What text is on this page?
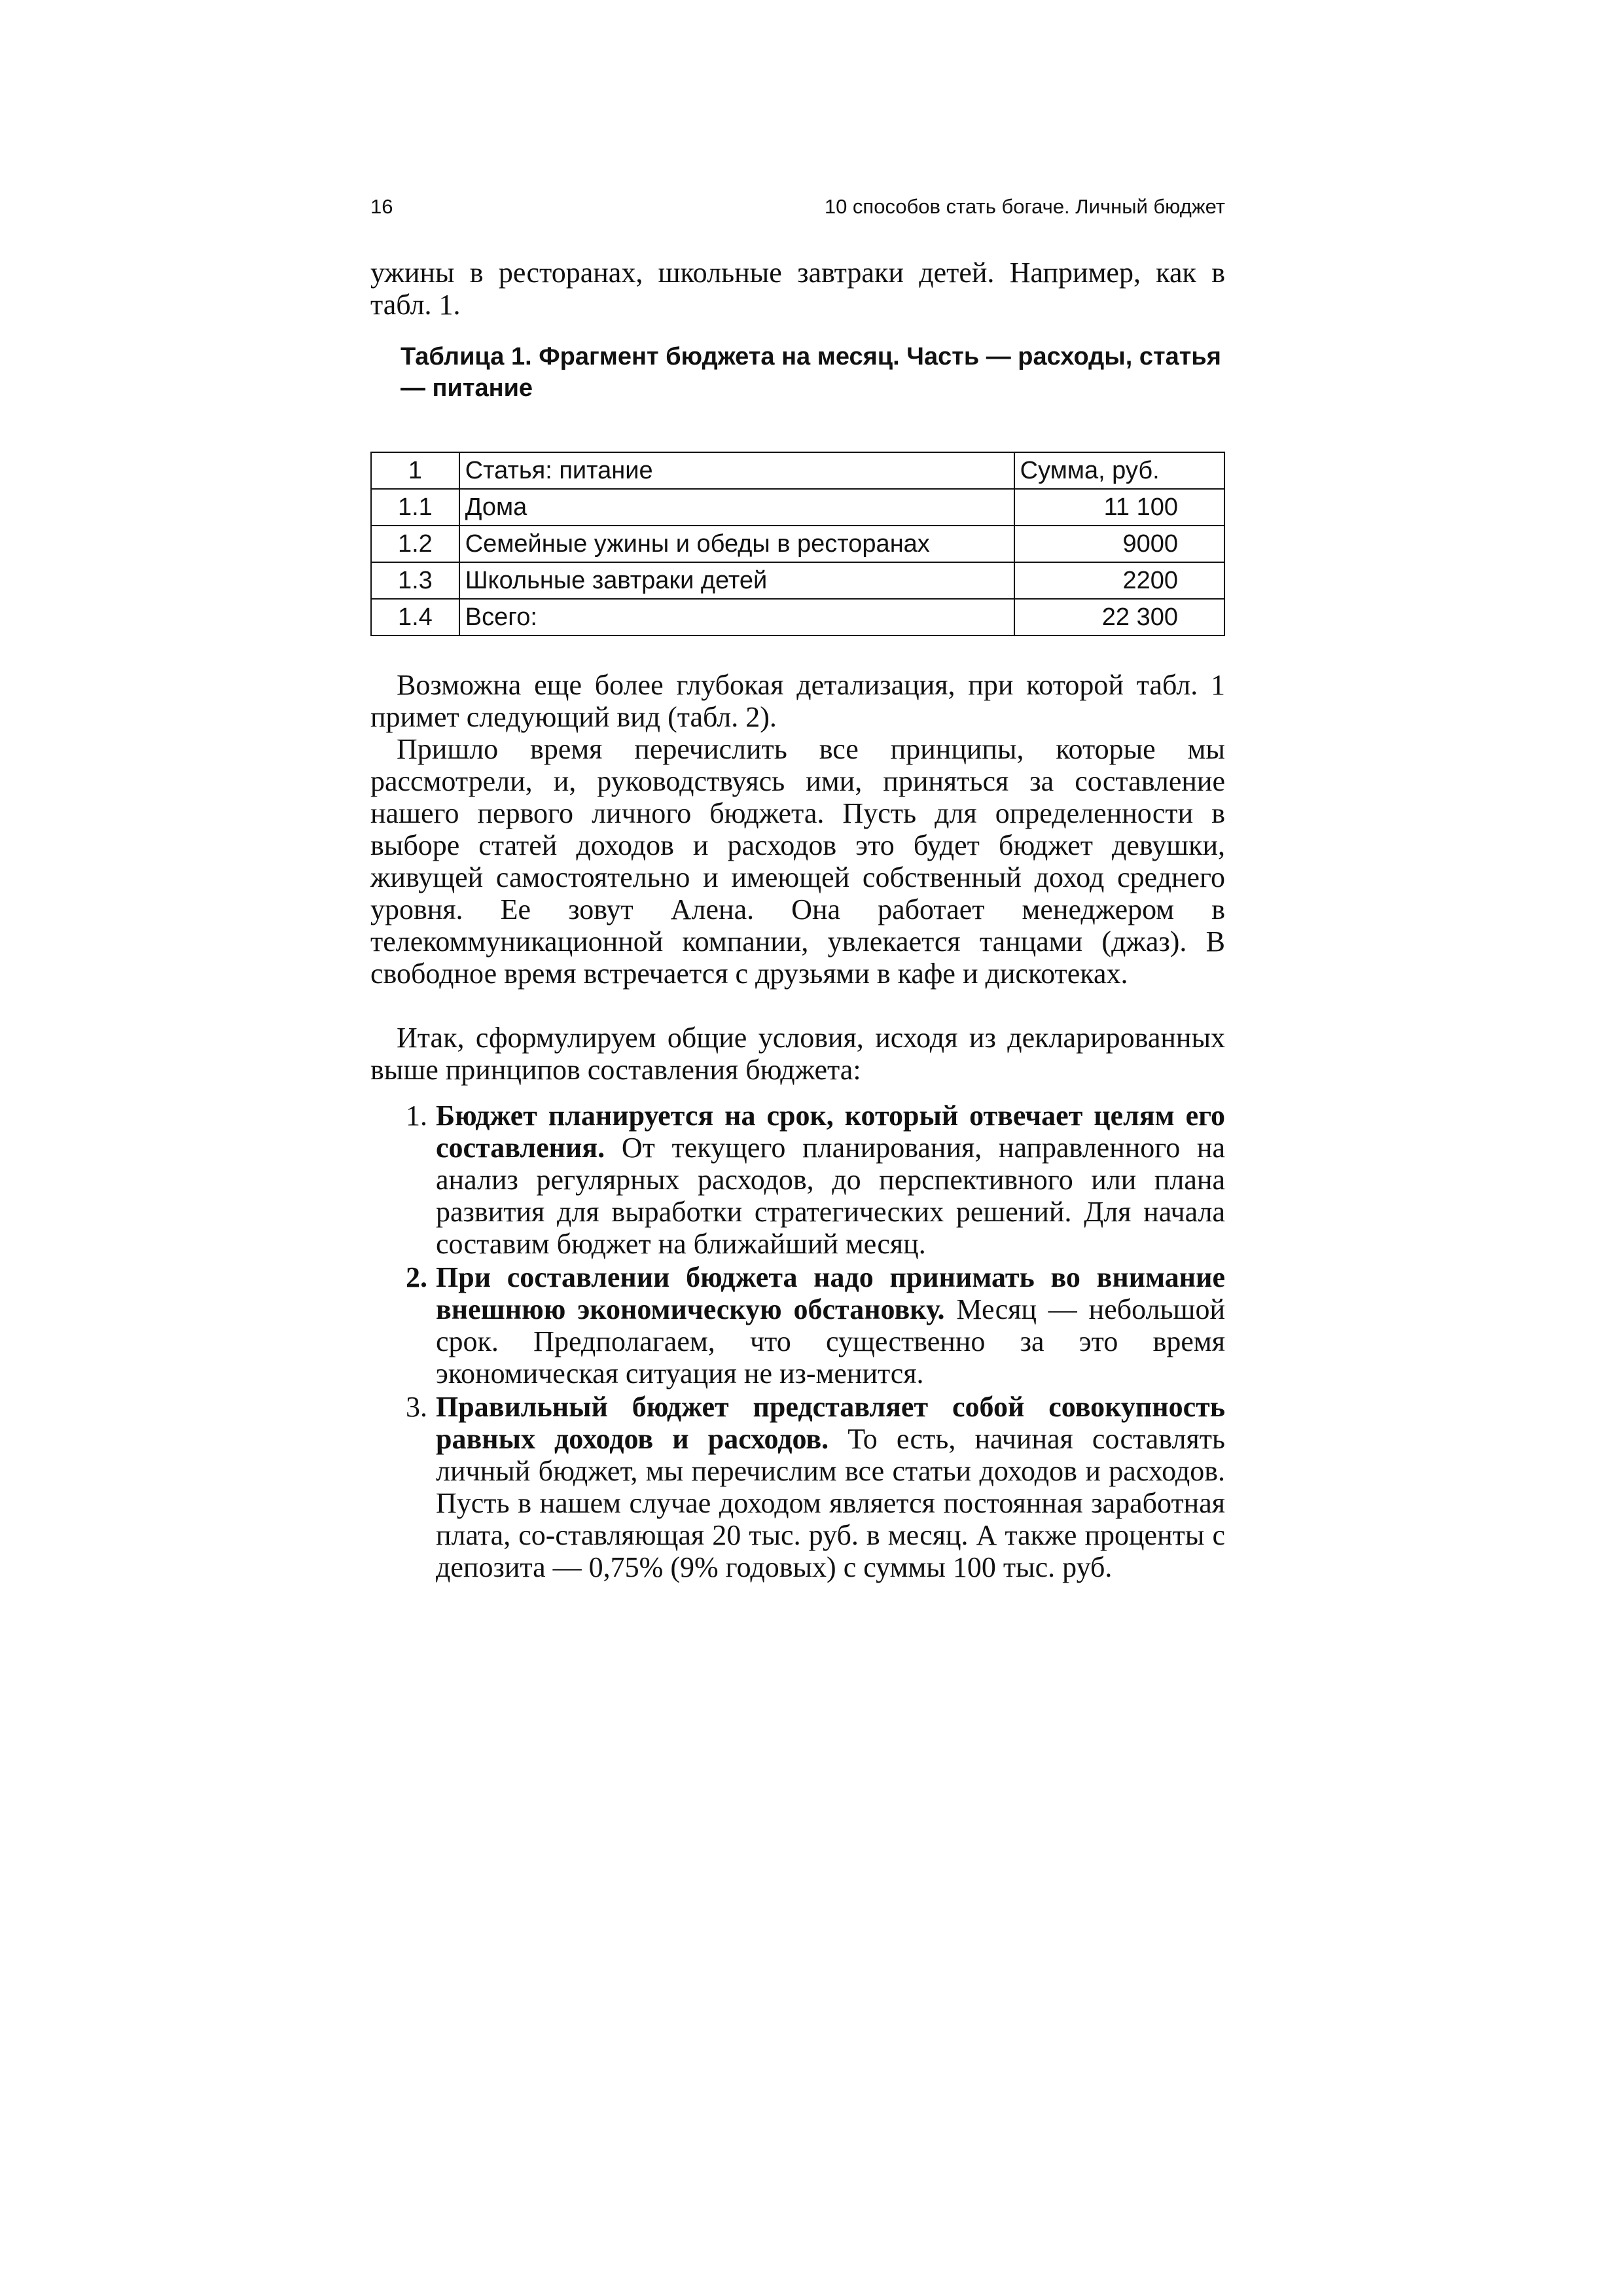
16	10 способов стать богаче. Личный бюджет

ужины в ресторанах, школьные завтраки детей. Например, как в табл. 1.

Таблица 1. Фрагмент бюджета на месяц. Часть — расходы, статья — питание

1	Статья: питание	Сумма, руб.
1.1	Дома	11 100
1.2	Семейные ужины и обеды в ресторанах	9000
1.3	Школьные завтраки детей	2200
1.4	Всего:	22 300

Возможна еще более глубокая детализация, при которой табл. 1 примет следующий вид (табл. 2).

Пришло время перечислить все принципы, которые мы рассмотрели, и, руководствуясь ими, приняться за составление нашего первого личного бюджета. Пусть для определенности в выборе статей доходов и расходов это будет бюджет девушки, живущей самостоятельно и имеющей собственный доход среднего уровня. Ее зовут Алена. Она работает менеджером в телекоммуникационной компании, увлекается танцами (джаз). В свободное время встречается с друзьями в кафе и дискотеках.

Итак, сформулируем общие условия, исходя из декларированных выше принципов составления бюджета:

1. Бюджет планируется на срок, который отвечает целям его составления. От текущего планирования, направленного на анализ регулярных расходов, до перспективного или плана развития для выработки стратегических решений. Для начала составим бюджет на ближайший месяц.
2. При составлении бюджета надо принимать во внимание внешнюю экономическую обстановку. Месяц — небольшой срок. Предполагаем, что существенно за это время экономическая ситуация не из-менится.
3. Правильный бюджет представляет собой совокупность равных доходов и расходов. То есть, начиная составлять личный бюджет, мы перечислим все статьи доходов и расходов. Пусть в нашем случае доходом является постоянная заработная плата, со-ставляющая 20 тыс. руб. в месяц. А также проценты с депозита — 0,75% (9% годовых) с суммы 100 тыс. руб.
